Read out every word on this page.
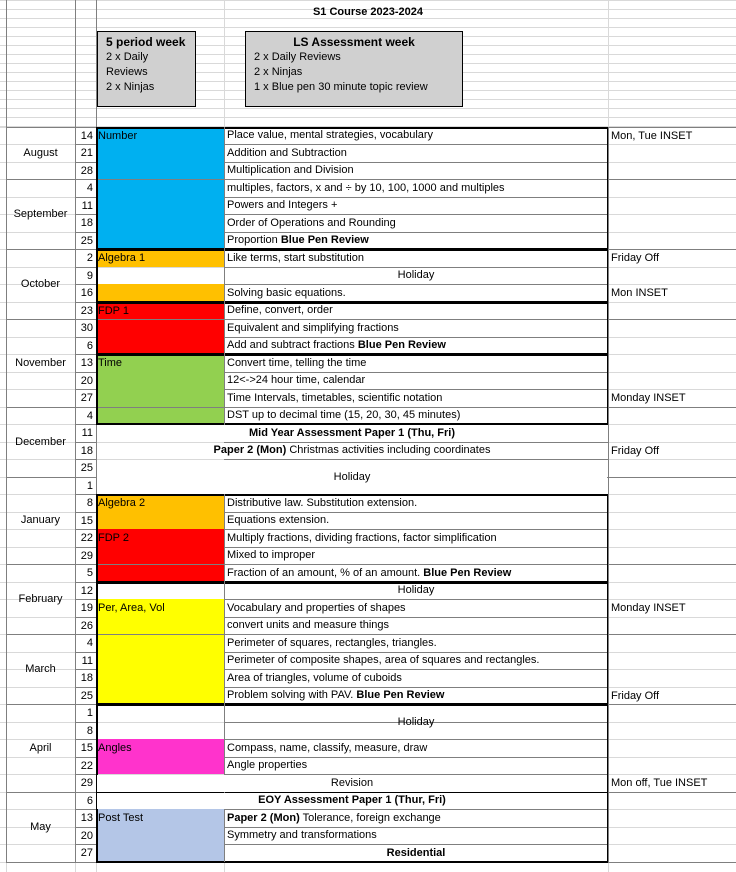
S1 Course 2023-2024
5 period week
2 x Daily
Reviews
2 x Ninjas
LS Assessment week
2 x Daily Reviews
2 x Ninjas
1 x Blue pen 30 minute topic review
August
September
October
November
December
January
February
March
April
May
14
21
28
4
11
18
25
2
9
16
23
30
6
13
20
27
4
11
18
25
1
8
15
22
29
5
12
19
26
4
11
18
25
1
8
15
22
29
6
13
20
27
Number
Algebra 1
FDP 1
Time
Algebra 2
FDP 2
Per, Area, Vol
Angles
Post Test
Place value, mental strategies, vocabulary
Addition and Subtraction
Multiplication and Division
multiples, factors, x and ÷ by 10, 100, 1000 and multiples
Powers and Integers +
Order of Operations and Rounding
Proportion Blue Pen Review
Like terms, start substitution
Holiday
Solving basic equations.
Define, convert, order
Equivalent and simplifying fractions
Add and subtract fractions Blue Pen Review
Convert time, telling the time
12<->24 hour time, calendar
Time Intervals, timetables, scientific notation
DST up to decimal time (15, 20, 30, 45 minutes)
Mid Year Assessment Paper 1 (Thu, Fri)
Paper 2 (Mon) Christmas activities including coordinates
Holiday
Distributive law. Substitution extension.
Equations extension.
Multiply fractions, dividing fractions, factor simplification
Mixed to improper
Fraction of an amount, % of an amount. Blue Pen Review
Holiday
Vocabulary and properties of shapes
convert units and measure things
Perimeter of squares, rectangles, triangles.
Perimeter of composite shapes, area of squares and rectangles.
Area of triangles, volume of cuboids
Problem solving with PAV. Blue Pen Review
Holiday
Compass, name, classify, measure, draw
Angle properties
Revision
EOY Assessment Paper 1 (Thur, Fri)
Paper 2 (Mon) Tolerance, foreign exchange
Symmetry and transformations
Residential
Mon, Tue INSET
Friday Off
Mon INSET
Monday INSET
Friday Off
Monday INSET
Friday Off
Mon off, Tue INSET
